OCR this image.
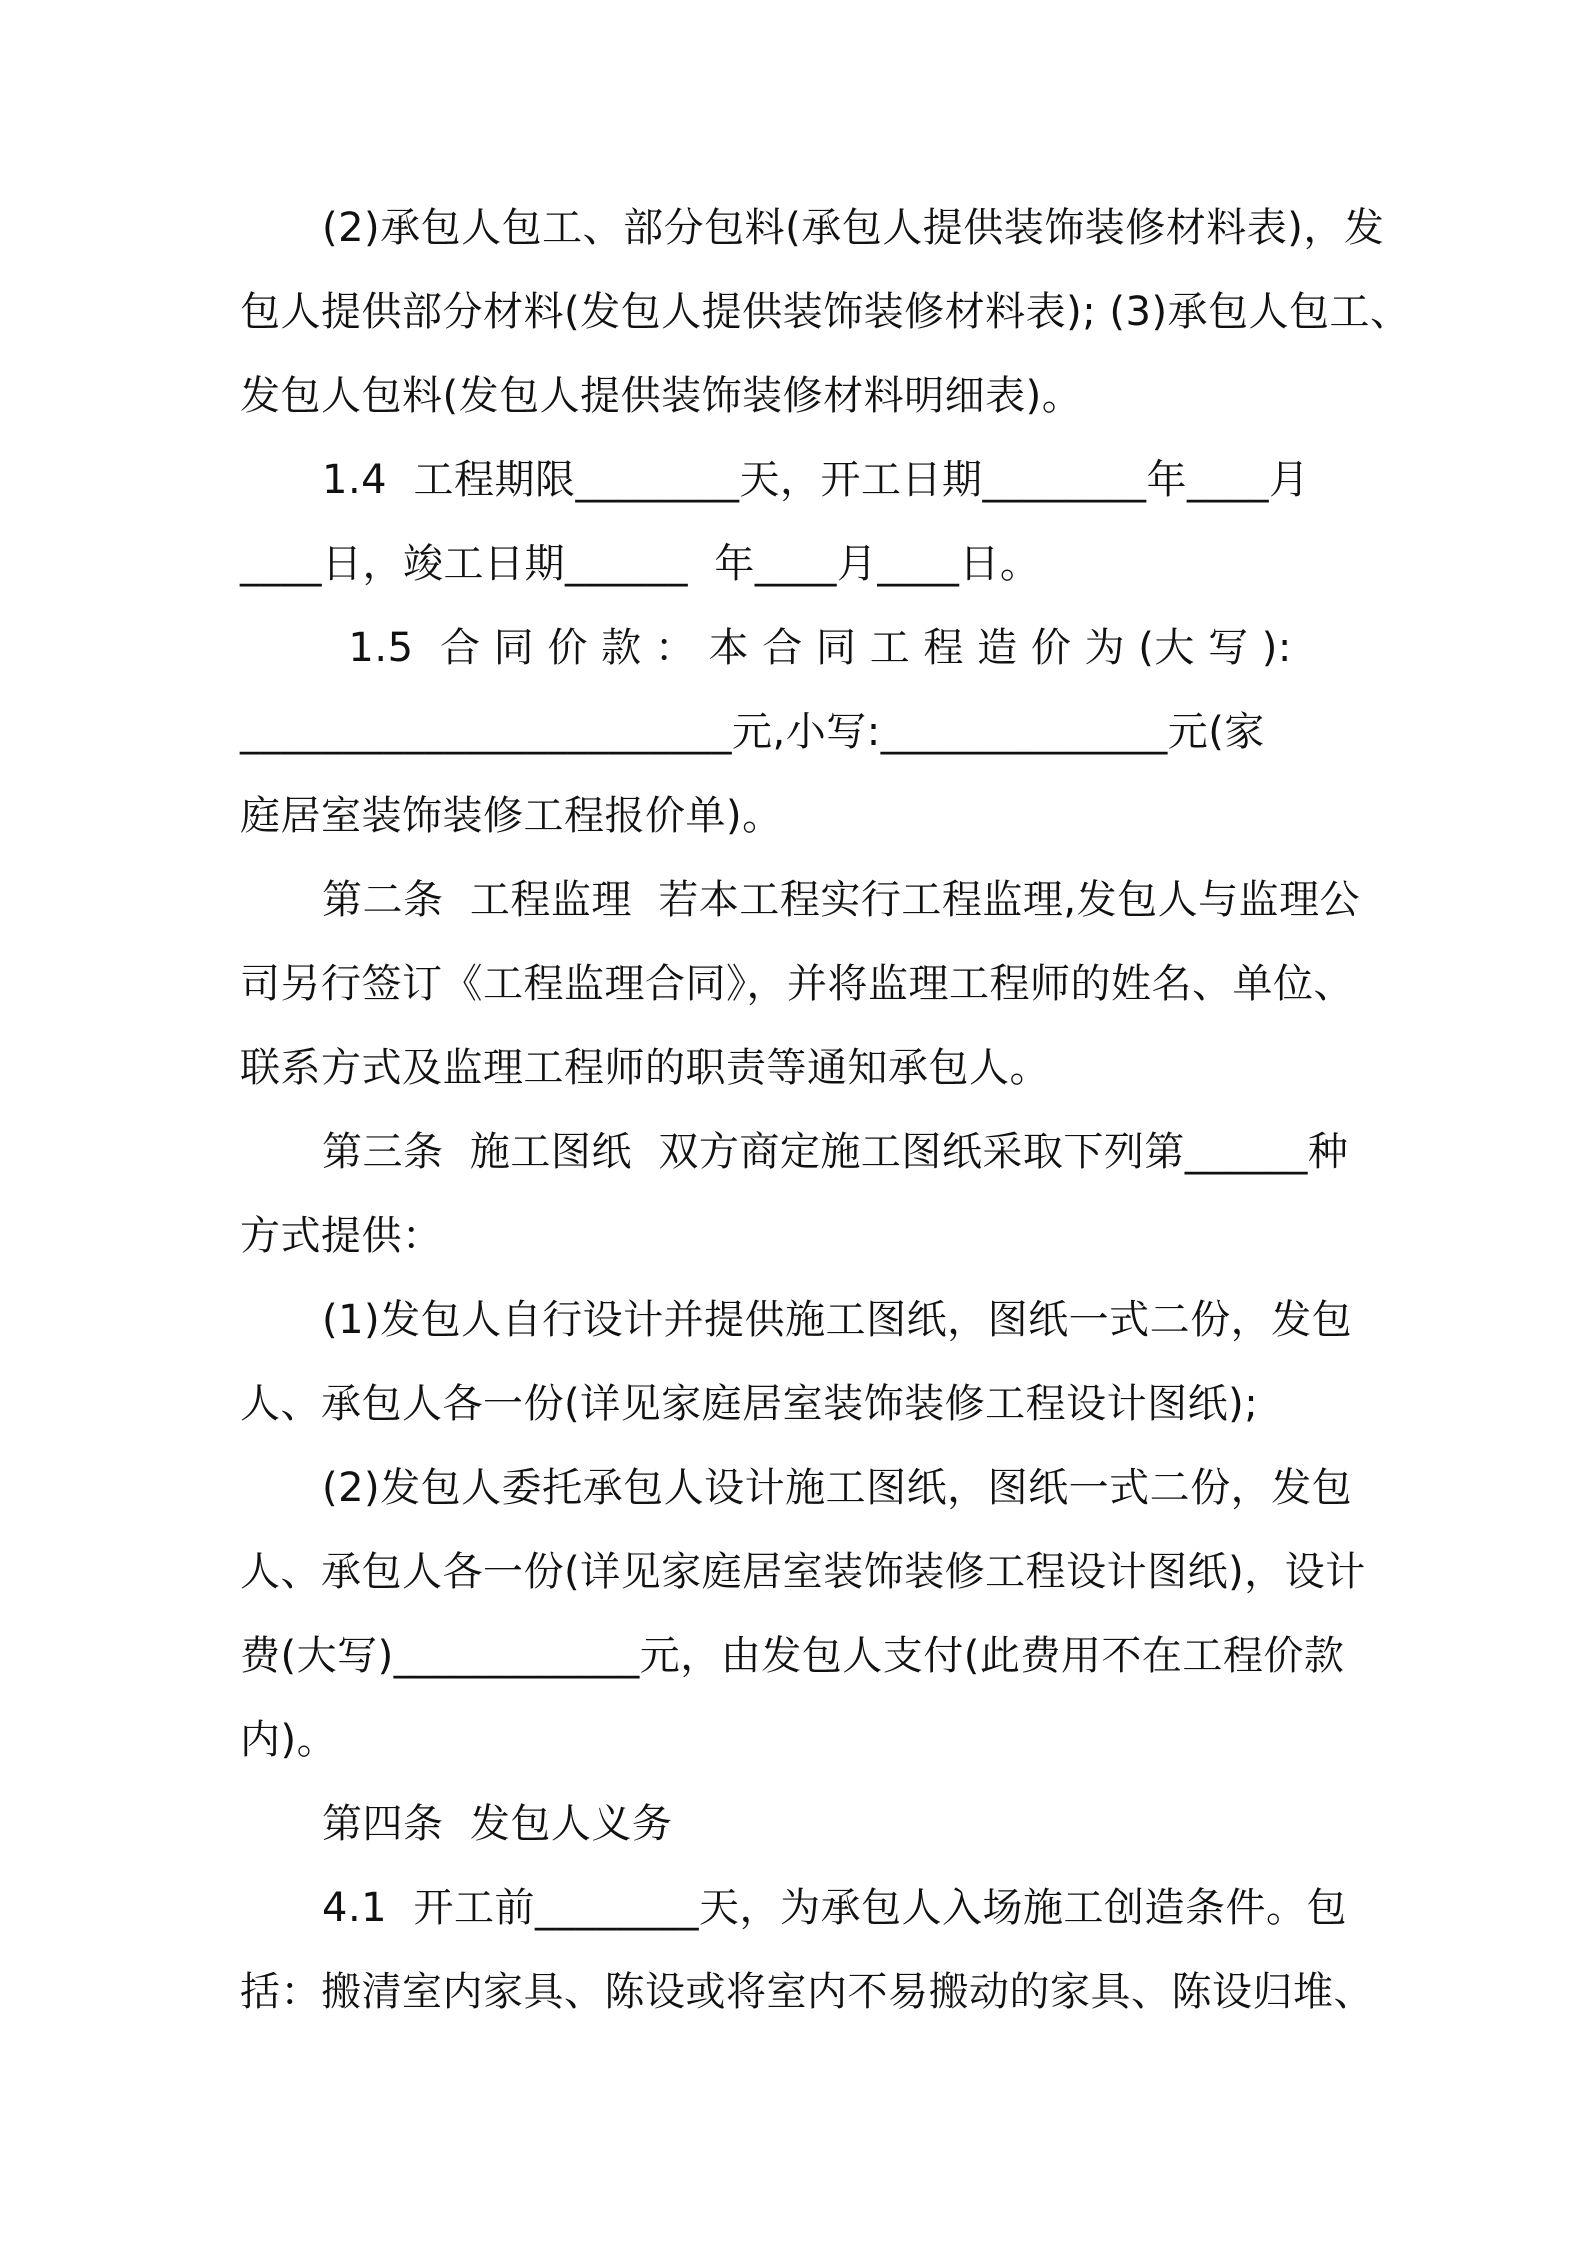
(2)承包人包工、部分包料(承包人提供装饰装修材料表)，发
包人提供部分材料(发包人提供装饰装修材料表); (3)承包人包工、
发包人包料(发包人提供装饰装修材料明细表)。
1.4  工程期限________天，开工日期________年____月
____日，竣工日期______  年____月____日。
1.5  合 同 价 款 ： 本 合 同 工 程 造 价 为 (大 写 ):
________________________元,小写:______________元(家
庭居室装饰装修工程报价单)。
第二条  工程监理  若本工程实行工程监理,发包人与监理公
司另行签订《工程监理合同》，并将监理工程师的姓名、单位、
联系方式及监理工程师的职责等通知承包人。
第三条  施工图纸  双方商定施工图纸采取下列第______种
方式提供：
(1)发包人自行设计并提供施工图纸，图纸一式二份，发包
人、承包人各一份(详见家庭居室装饰装修工程设计图纸);
(2)发包人委托承包人设计施工图纸，图纸一式二份，发包
人、承包人各一份(详见家庭居室装饰装修工程设计图纸)，设计
费(大写)____________元，由发包人支付(此费用不在工程价款
内)。
第四条  发包人义务
4.1  开工前________天，为承包人入场施工创造条件。包
括：搬清室内家具、陈设或将室内不易搬动的家具、陈设归堆、
